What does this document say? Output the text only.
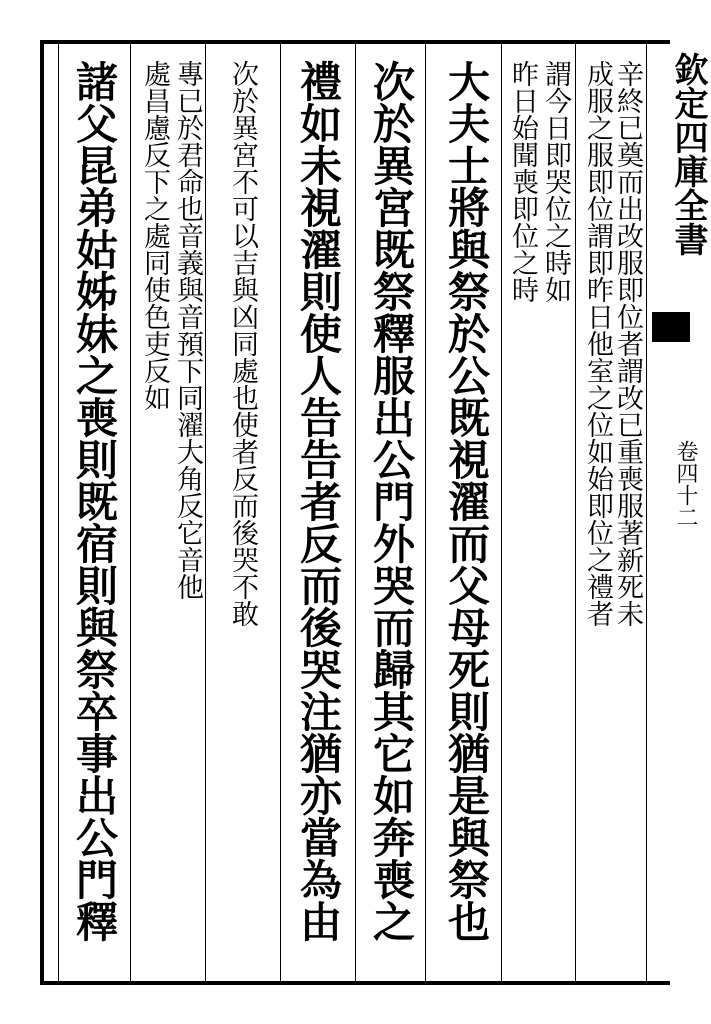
欽定四庫全書
卷四十二
辛終已奠而出改服即位者謂改已重喪服著新死未
成服之服即位謂即昨日他室之位如始即位之禮者
謂今日即哭位之時如
昨日始聞喪即位之時
大夫士將與祭於公既視濯而父母死則猶是與祭也
次於異宮既祭釋服出公門外哭而歸其它如奔喪之
禮如未視濯則使人告告者反而後哭注猶亦當為由
次於異宮不可以吉與凶同處也使者反而後哭不敢
專已於君命也音義與音預下同濯大角反它音他
處昌慮反下之處同使色吏反如
諸父昆弟姑姊妹之喪則既宿則與祭卒事出公門釋
